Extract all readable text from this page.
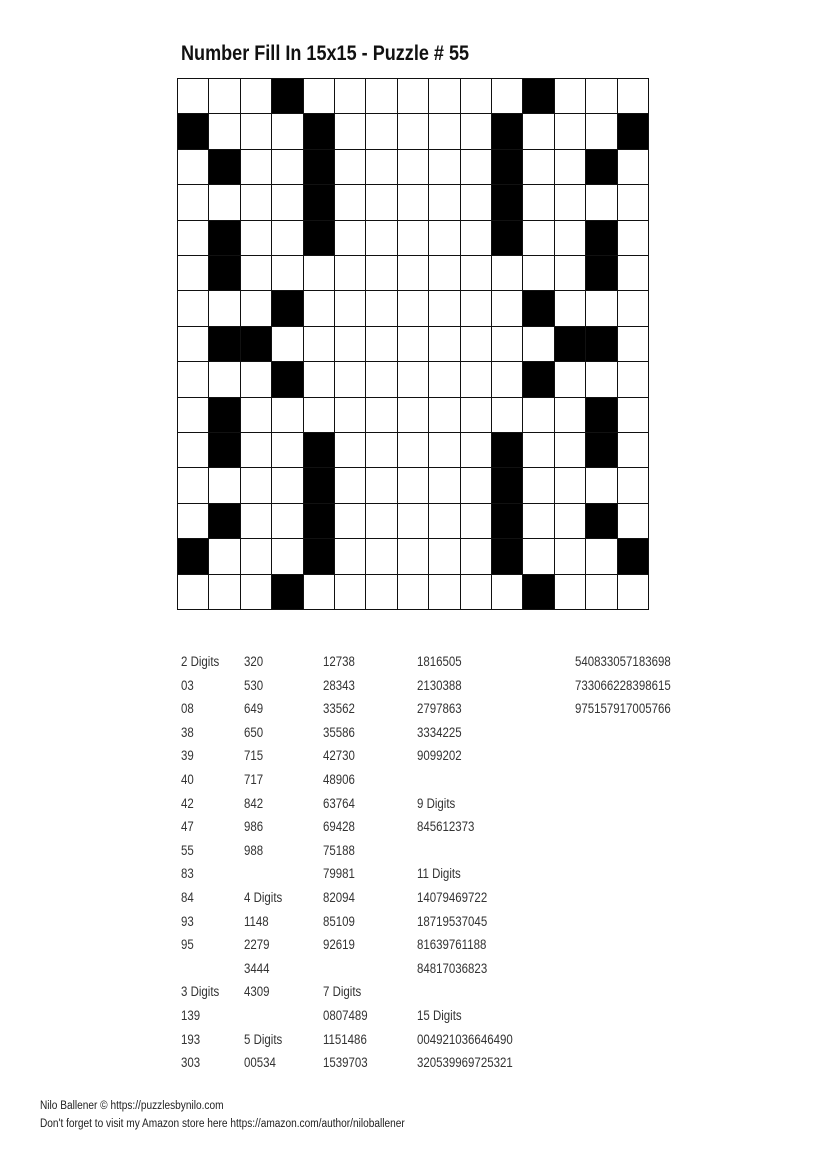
Number Fill In 15x15 - Puzzle # 55
2 Digits
03
08
38
39
40
42
47
55
83
84
93
95
3 Digits
139
193
303
320
530
649
650
715
717
842
986
988
4 Digits
1148
2279
3444
4309
5 Digits
00534
12738
28343
33562
35586
42730
48906
63764
69428
75188
79981
82094
85109
92619
7 Digits
0807489
1151486
1539703
1816505
2130388
2797863
3334225
9099202
9 Digits
845612373
11 Digits
14079469722
18719537045
81639761188
84817036823
15 Digits
004921036646490
320539969725321
540833057183698
733066228398615
975157917005766
Nilo Ballener © https://puzzlesbynilo.com
Don't forget to visit my Amazon store here https://amazon.com/author/niloballener
